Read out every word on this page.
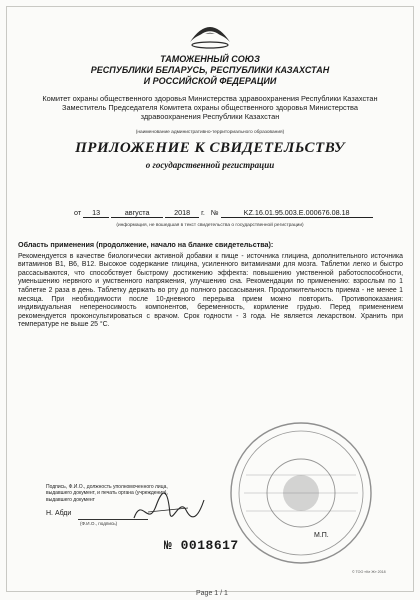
ТАМОЖЕННЫЙ СОЮЗ
РЕСПУБЛИКИ БЕЛАРУСЬ, РЕСПУБЛИКИ КАЗАХСТАН
И РОССИЙСКОЙ ФЕДЕРАЦИИ
Комитет охраны общественного здоровья Министерства здравоохранения Республики Казахстан
Заместитель Председателя Комитета охраны общественного здоровья Министерства
здравоохранения Республики Казахстан
(наименование административно-территориального образования)
ПРИЛОЖЕНИЕ К СВИДЕТЕЛЬСТВУ
о государственной регистрации
от 13	августа	2018 г. №	KZ.16.01.95.003.Е.000676.08.18
(информация, не вошедшая в текст свидетельства о государственной регистрации)
Область применения (продолжение, начало на бланке свидетельства):
Рекомендуется в качестве биологически активной добавки к пище - источника глицина, дополнительного источника витаминов В1, В6, В12. Высокое содержание глицина, усиленного витаминами для мозга. Таблетки легко и быстро рассасываются, что способствует быстрому достижению эффекта: повышению умственной работоспособности, уменьшению нервного и умственного напряжения, улучшению сна. Рекомендации по применению: взрослым по 1 таблетке 2 раза в день. Таблетку держать во рту до полного рассасывания. Продолжительность приема - не менее 1 месяца. При необходимости после 10-дневного перерыва прием можно повторить. Противопоказания: индивидуальная непереносимость компонентов, беременность, кормление грудью. Перед применением рекомендуется проконсультироваться с врачом. Срок годности - 3 года. Не является лекарством. Хранить при температуре не выше 25 °С.
Подпись, Ф.И.О., должность уполномоченного лица,
выдавшего документ, и печать органа (учреждения),
выдавшего документ
Н. Абди
(Ф.И.О., подпись)
М.П.
№ 0018617
© ТОО «Ке Ж» 2018
Page 1 / 1
